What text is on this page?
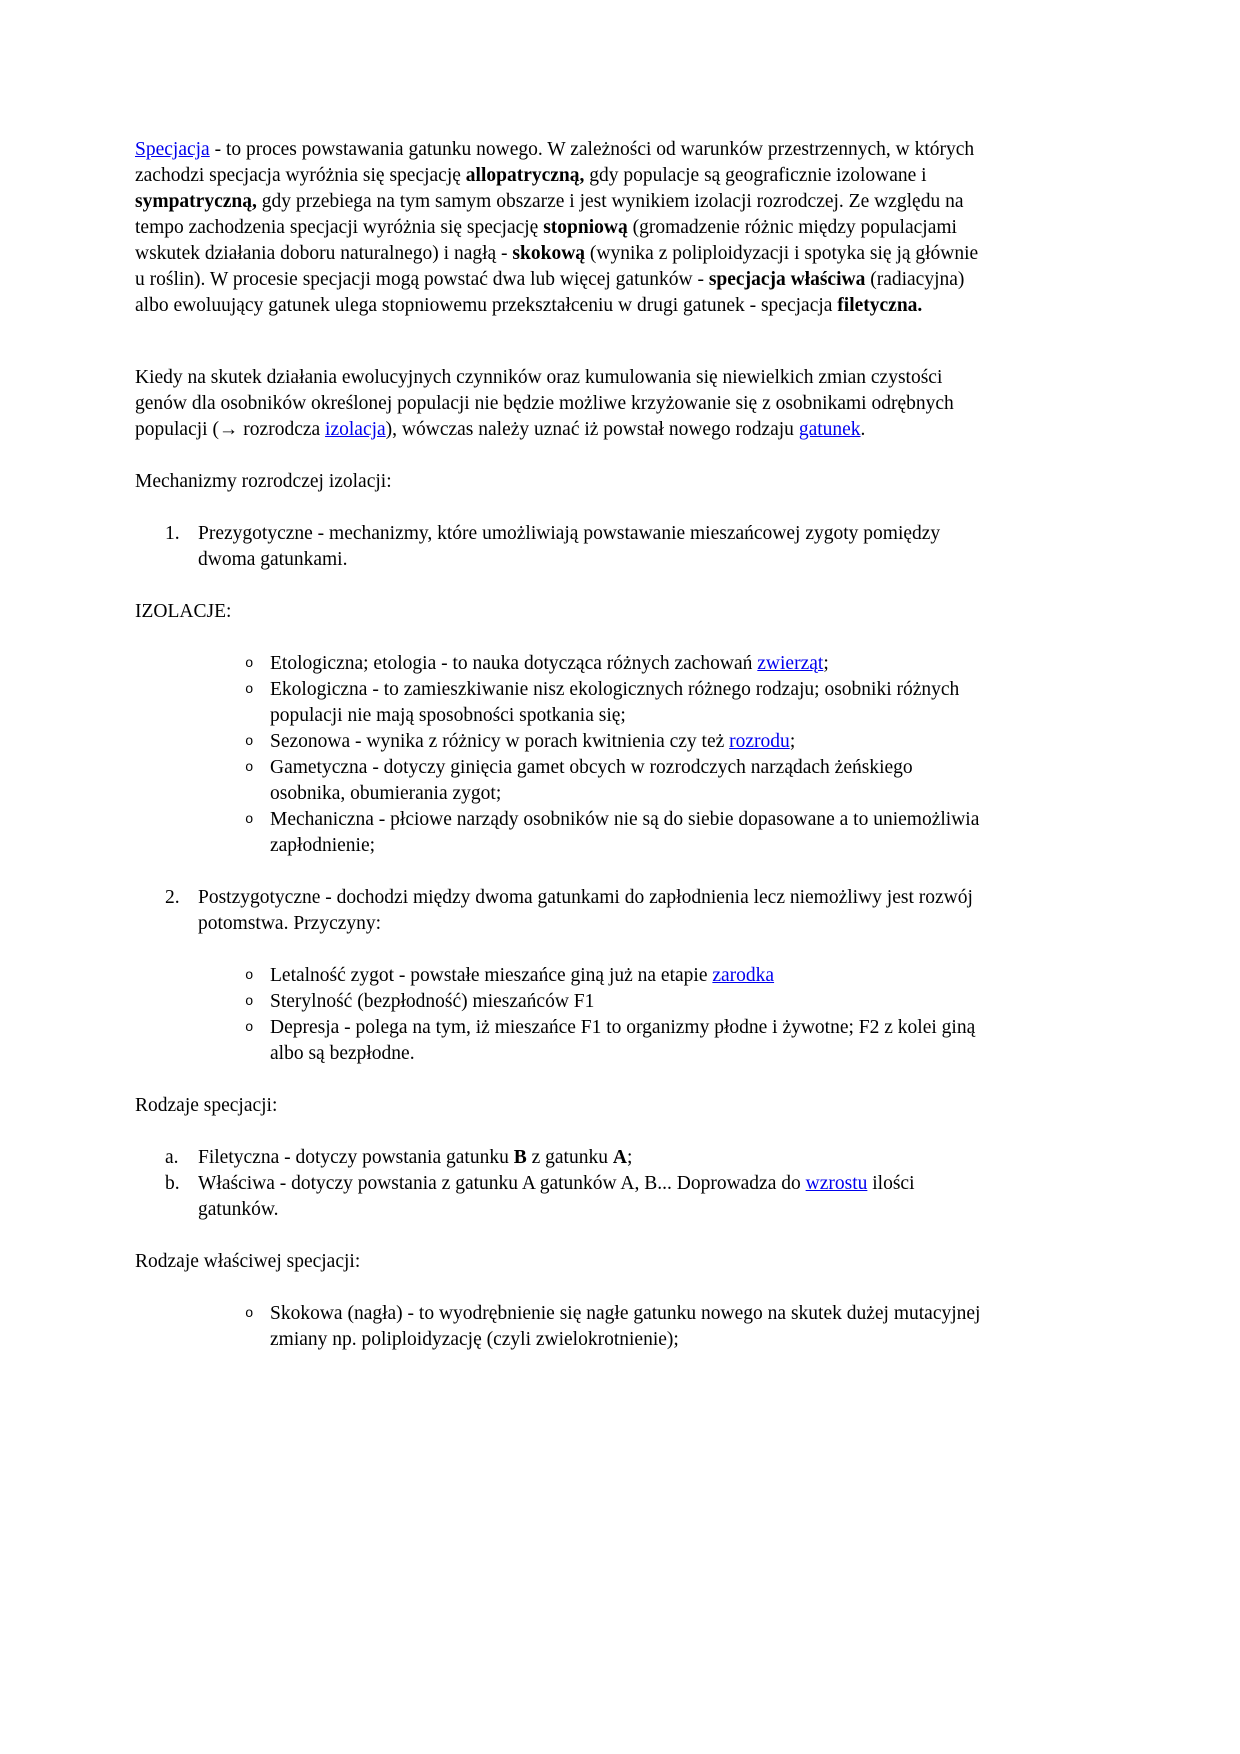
Specjacja - to proces powstawania gatunku nowego. W zależności od warunków przestrzennych, w których zachodzi specjacja wyróżnia się specjację allopatryczną, gdy populacje są geograficznie izolowane i sympatryczną, gdy przebiega na tym samym obszarze i jest wynikiem izolacji rozrodczej. Ze względu na tempo zachodzenia specjacji wyróżnia się specjację stopniową (gromadzenie różnic między populacjami wskutek działania doboru naturalnego) i nagłą - skokową (wynika z poliploidyzacji i spotyka się ją głównie u roślin). W procesie specjacji mogą powstać dwa lub więcej gatunków - specjacja właściwa (radiacyjna) albo ewoluujący gatunek ulega stopniowemu przekształceniu w drugi gatunek - specjacja filetyczna.

Kiedy na skutek działania ewolucyjnych czynników oraz kumulowania się niewielkich zmian czystości genów dla osobników określonej populacji nie będzie możliwe krzyżowanie się z osobnikami odrębnych populacji (→ rozrodcza izolacja), wówczas należy uznać iż powstał nowego rodzaju gatunek.

Mechanizmy rozrodczej izolacji:

1. Prezygotyczne - mechanizmy, które umożliwiają powstawanie mieszańcowej zygoty pomiędzy dwoma gatunkami.

IZOLACJE:

o Etologiczna; etologia - to nauka dotycząca różnych zachowań zwierząt;
o Ekologiczna - to zamieszkiwanie nisz ekologicznych różnego rodzaju; osobniki różnych populacji nie mają sposobności spotkania się;
o Sezonowa - wynika z różnicy w porach kwitnienia czy też rozrodu;
o Gametyczna - dotyczy ginięcia gamet obcych w rozrodczych narządach żeńskiego osobnika, obumierania zygot;
o Mechaniczna - płciowe narządy osobników nie są do siebie dopasowane a to uniemożliwia zapłodnienie;
2. Postzygotyczne - dochodzi między dwoma gatunkami do zapłodnienia lecz niemożliwy jest rozwój potomstwa. Przyczyny:
o Letalność zygot - powstałe mieszańce giną już na etapie zarodka
o Sterylność (bezpłodność) mieszańców F1
o Depresja - polega na tym, iż mieszańce F1 to organizmy płodne i żywotne; F2 z kolei giną albo są bezpłodne.

Rodzaje specjacji:

a. Filetyczna - dotyczy powstania gatunku B z gatunku A;
b. Właściwa - dotyczy powstania z gatunku A gatunków A, B... Doprowadza do wzrostu ilości gatunków.

Rodzaje właściwej specjacji:

o Skokowa (nagła) - to wyodrębnienie się nagłe gatunku nowego na skutek dużej mutacyjnej zmiany np. poliploidyzację (czyli zwielokrotnienie);
